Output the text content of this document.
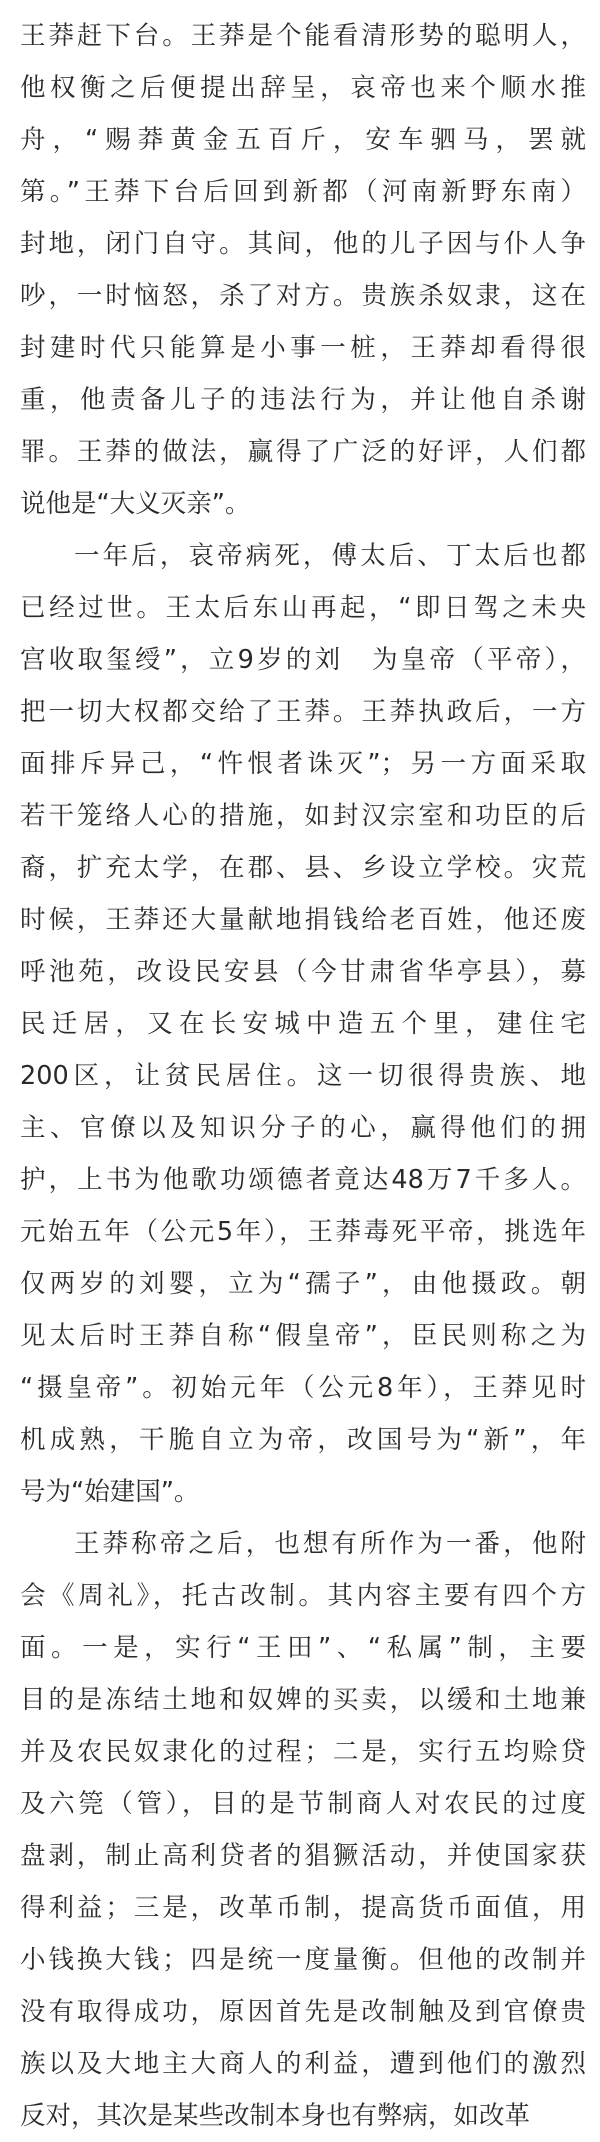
王莽赶下台。王莽是个能看清形势的聪明人，
他权衡之后便提出辞呈，哀帝也来个顺水推
舟，“赐莽黄金五百斤，安车驷马，罢就
第。”王莽下台后回到新都（河南新野东南）
封地，闭门自守。其间，他的儿子因与仆人争
吵，一时恼怒，杀了对方。贵族杀奴隶，这在
封建时代只能算是小事一桩，王莽却看得很
重，他责备儿子的违法行为，并让他自杀谢
罪。王莽的做法，赢得了广泛的好评，人们都
说他是“大义灭亲”。
一年后，哀帝病死，傅太后、丁太后也都
已经过世。王太后东山再起，“即日驾之未央
宫收取玺绶”，立9岁的刘　为皇帝（平帝），
把一切大权都交给了王莽。王莽执政后，一方
面排斥异己，“忤恨者诛灭”；另一方面采取
若干笼络人心的措施，如封汉宗室和功臣的后
裔，扩充太学，在郡、县、乡设立学校。灾荒
时候，王莽还大量献地捐钱给老百姓，他还废
呼池苑，改设民安县（今甘肃省华亭县），募
民迁居，又在长安城中造五个里，建住宅
200区，让贫民居住。这一切很得贵族、地
主、官僚以及知识分子的心，赢得他们的拥
护，上书为他歌功颂德者竟达48万7千多人。
元始五年（公元5年），王莽毒死平帝，挑选年
仅两岁的刘婴，立为“孺子”，由他摄政。朝
见太后时王莽自称“假皇帝”，臣民则称之为
“摄皇帝”。初始元年（公元8年），王莽见时
机成熟，干脆自立为帝，改国号为“新”，年
号为“始建国”。
王莽称帝之后，也想有所作为一番，他附
会《周礼》，托古改制。其内容主要有四个方
面。一是，实行“王田”、“私属”制，主要
目的是冻结土地和奴婢的买卖，以缓和土地兼
并及农民奴隶化的过程；二是，实行五均赊贷
及六筦（管），目的是节制商人对农民的过度
盘剥，制止高利贷者的猖獗活动，并使国家获
得利益；三是，改革币制，提高货币面值，用
小钱换大钱；四是统一度量衡。但他的改制并
没有取得成功，原因首先是改制触及到官僚贵
族以及大地主大商人的利益，遭到他们的激烈
反对，其次是某些改制本身也有弊病，如改革
